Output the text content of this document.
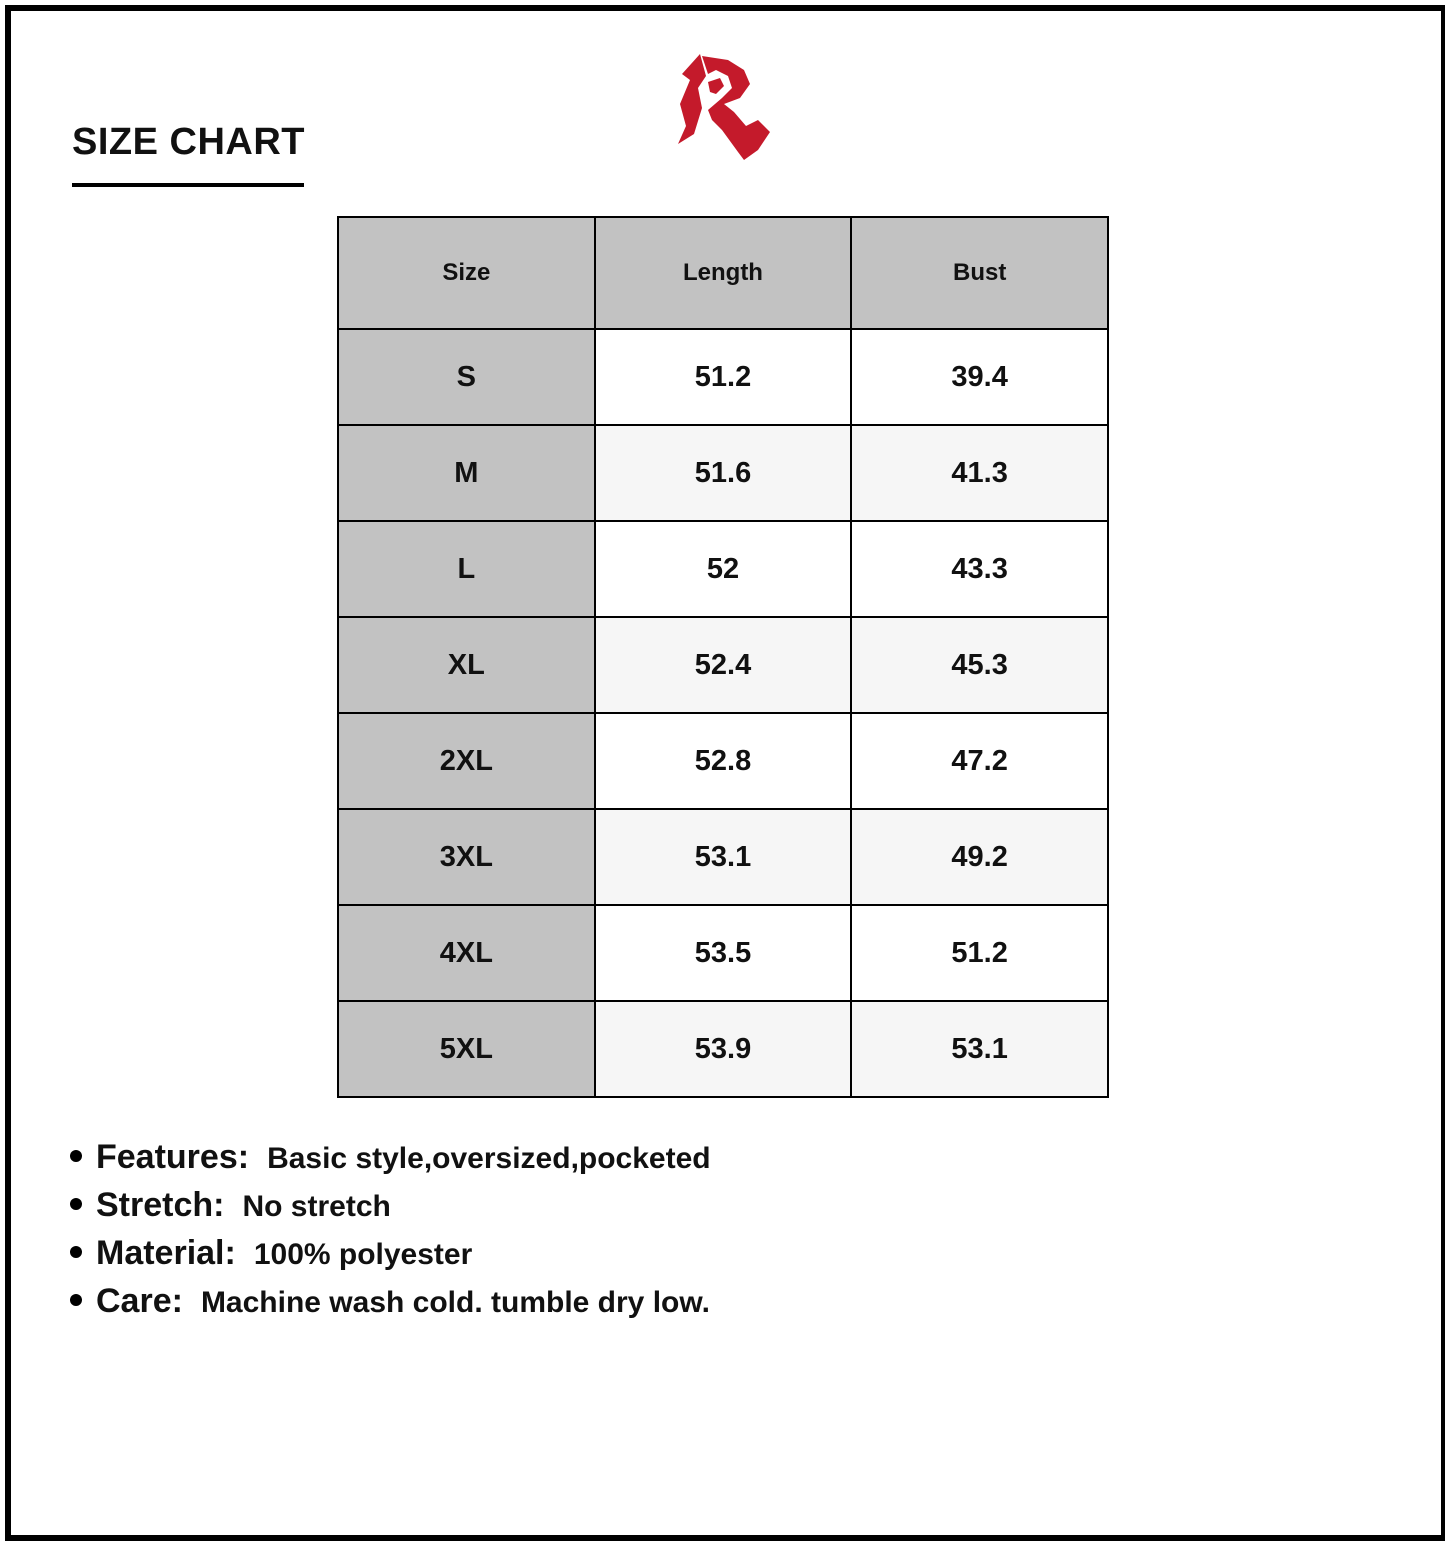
SIZE CHART
Size	Length	Bust
S	51.2	39.4
M	51.6	41.3
L	52	43.3
XL	52.4	45.3
2XL	52.8	47.2
3XL	53.1	49.2
4XL	53.5	51.2
5XL	53.9	53.1
Features: Basic style,oversized,pocketed
Stretch: No stretch
Material: 100% polyester
Care: Machine wash cold. tumble dry low.
